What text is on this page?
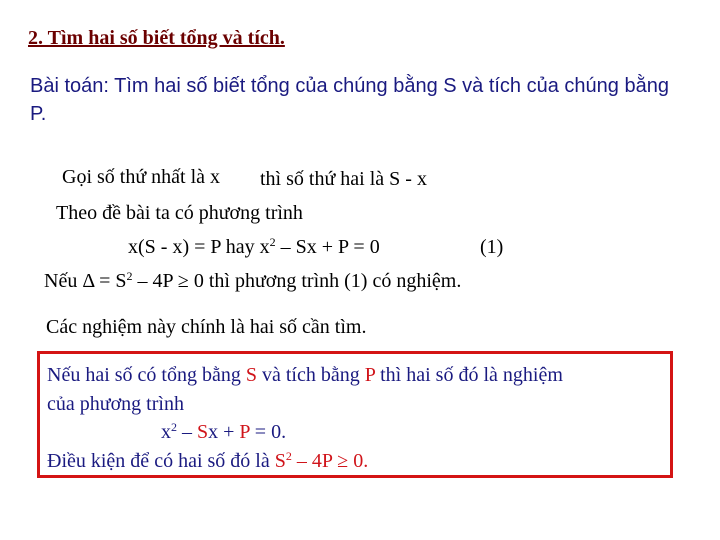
2. Tìm hai số biết tổng và tích.
Bài toán: Tìm hai số biết tổng của chúng bằng S và tích của chúng bằng P.
Gọi số thứ nhất là x thì số thứ hai là S - x
Theo đề bài ta có phương trình
x(S - x) = P hay $x^2 - Sx + P = 0$	(1)
Nếu $\Delta = S^2 - 4P \ge 0$ thì phương trình (1) có nghiệm.
Các nghiệm này chính là hai số cần tìm.
Nếu hai số có tổng bằng S và tích bằng P thì hai số đó là nghiệm
của phương trình
$x^2 - Sx + P = 0$.
Điều kiện để có hai số đó là $S^2 - 4P \ge 0$.
